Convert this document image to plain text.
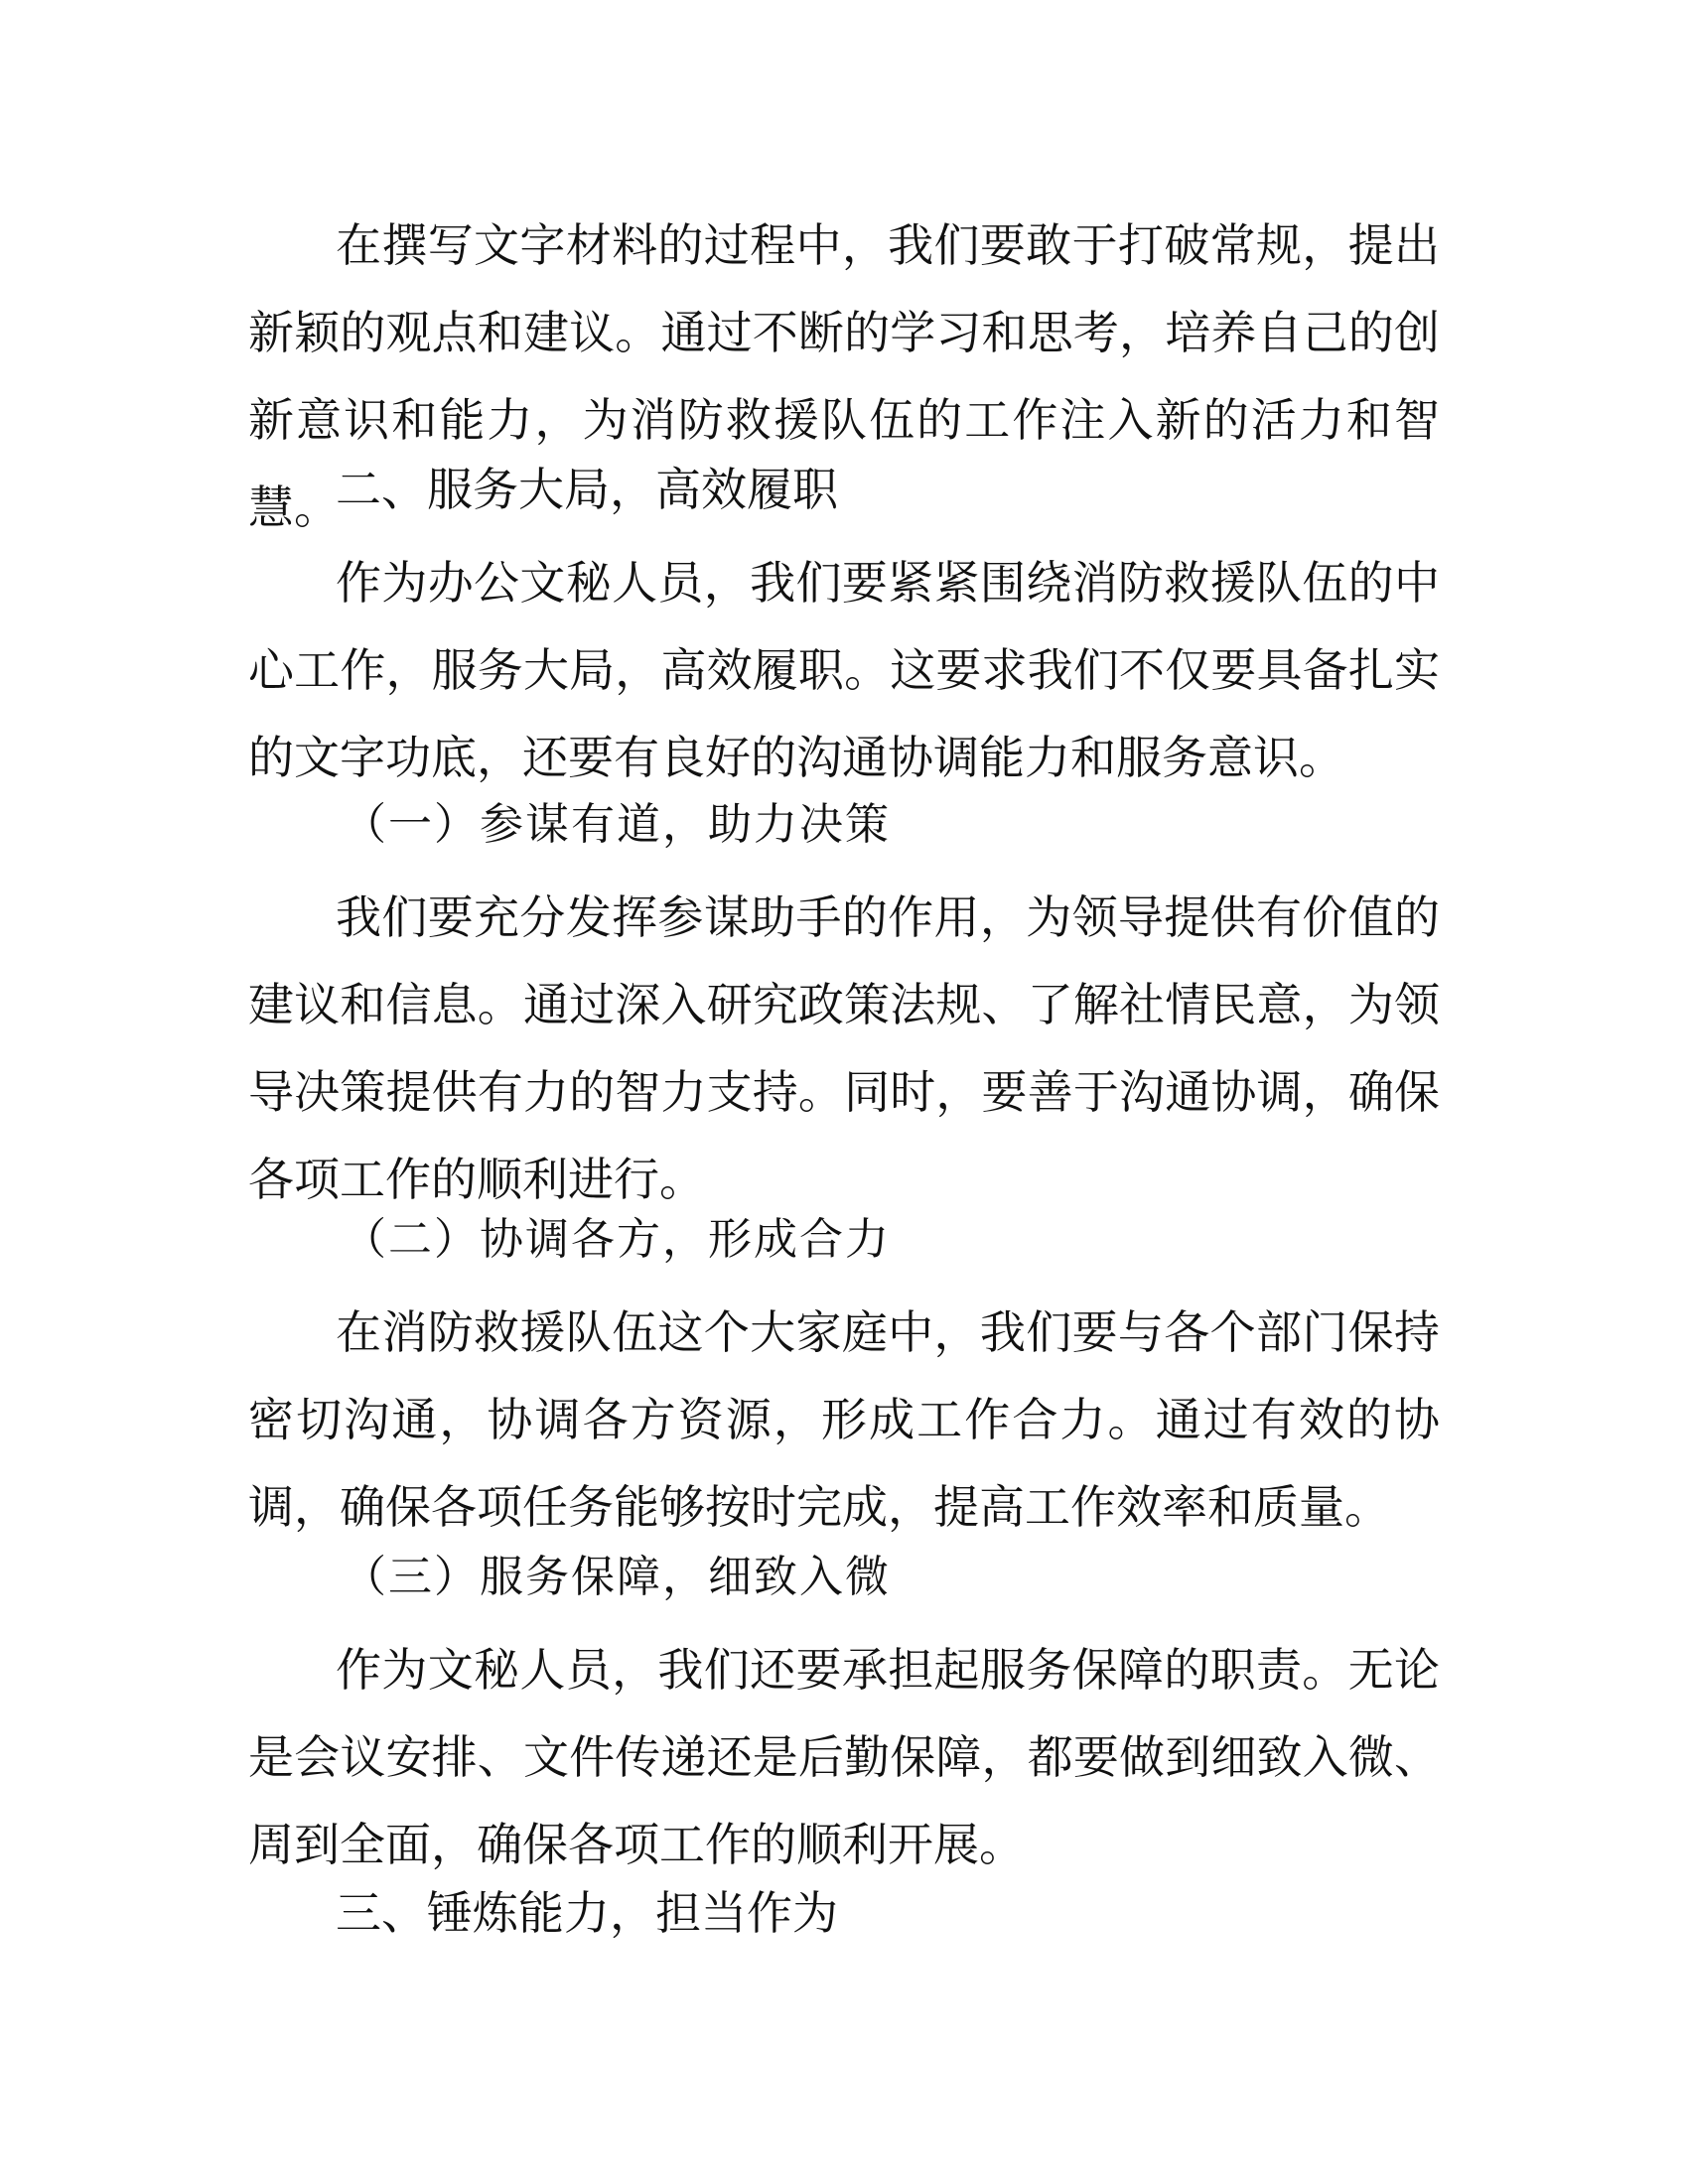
在撰写文字材料的过程中，我们要敢于打破常规，提出新颖的观点和建议。通过不断的学习和思考，培养自己的创新意识和能力，为消防救援队伍的工作注入新的活力和智慧。

二、服务大局，高效履职

作为办公文秘人员，我们要紧紧围绕消防救援队伍的中心工作，服务大局，高效履职。这要求我们不仅要具备扎实的文字功底，还要有良好的沟通协调能力和服务意识。

（一）参谋有道，助力决策

我们要充分发挥参谋助手的作用，为领导提供有价值的建议和信息。通过深入研究政策法规、了解社情民意，为领导决策提供有力的智力支持。同时，要善于沟通协调，确保各项工作的顺利进行。

（二）协调各方，形成合力

在消防救援队伍这个大家庭中，我们要与各个部门保持密切沟通，协调各方资源，形成工作合力。通过有效的协调，确保各项任务能够按时完成，提高工作效率和质量。

（三）服务保障，细致入微

作为文秘人员，我们还要承担起服务保障的职责。无论是会议安排、文件传递还是后勤保障，都要做到细致入微、周到全面，确保各项工作的顺利开展。

三、锤炼能力，担当作为
